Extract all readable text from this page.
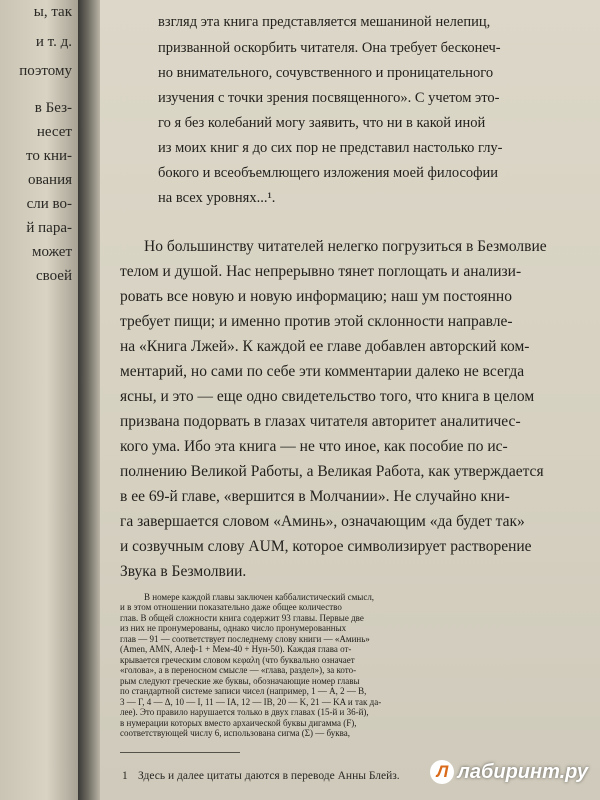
ы, так
и т. д.
поэтому
в Без-
несет
то кни-
ования
сли во-
й пара-
может
своей
взгляд эта книга представляется мешаниной нелепиц,
призванной оскорбить читателя. Она требует бесконеч-
но внимательного, сочувственного и проницательного
изучения с точки зрения посвященного». С учетом это-
го я без колебаний могу заявить, что ни в какой иной
из моих книг я до сих пор не представил настолько глу-
бокого и всеобъемлющего изложения моей философии
на всех уровнях...¹.
Но большинству читателей нелегко погрузиться в Безмолвие
телом и душой. Нас непрерывно тянет поглощать и анализи-
ровать все новую и новую информацию; наш ум постоянно
требует пищи; и именно против этой склонности направле-
на «Книга Лжей». К каждой ее главе добавлен авторский ком-
ментарий, но сами по себе эти комментарии далеко не всегда
ясны, и это — еще одно свидетельство того, что книга в целом
призвана подорвать в глазах читателя авторитет аналитичес-
кого ума. Ибо эта книга — не что иное, как пособие по ис-
полнению Великой Работы, а Великая Работа, как утверждается
в ее 69-й главе, «вершится в Молчании». Не случайно кни-
га завершается словом «Аминь», означающим «да будет так»
и созвучным слову AUM, которое символизирует растворение
Звука в Безмолвии.
В номере каждой главы заключен каббалистический смысл,
и в этом отношении показательно даже общее количество
глав. В общей сложности книга содержит 93 главы. Первые две
из них не пронумерованы, однако число пронумерованных
глав — 91 — соответствует последнему слову книги — «Аминь»
(Amen, AMN, Алеф-1 + Мем-40 + Нун-50). Каждая глава от-
крывается греческим словом κεφαλη (что буквально означает
«голова», а в переносном смысле — «глава, раздел»), за кото-
рым следуют греческие же буквы, обозначающие номер главы
по стандартной системе записи чисел (например, 1 — А, 2 — В,
3 — Г, 4 — Δ, 10 — I, 11 — IA, 12 — IB, 20 — K, 21 — KA и так да-
лее). Это правило нарушается только в двух главах (15-й и 36-й),
в нумерации которых вместо архаической буквы дигамма (F),
соответствующей числу 6, использована сигма (Σ) — буква,
1 Здесь и далее цитаты даются в переводе Анны Блейз.	Л лабиринт.ру
